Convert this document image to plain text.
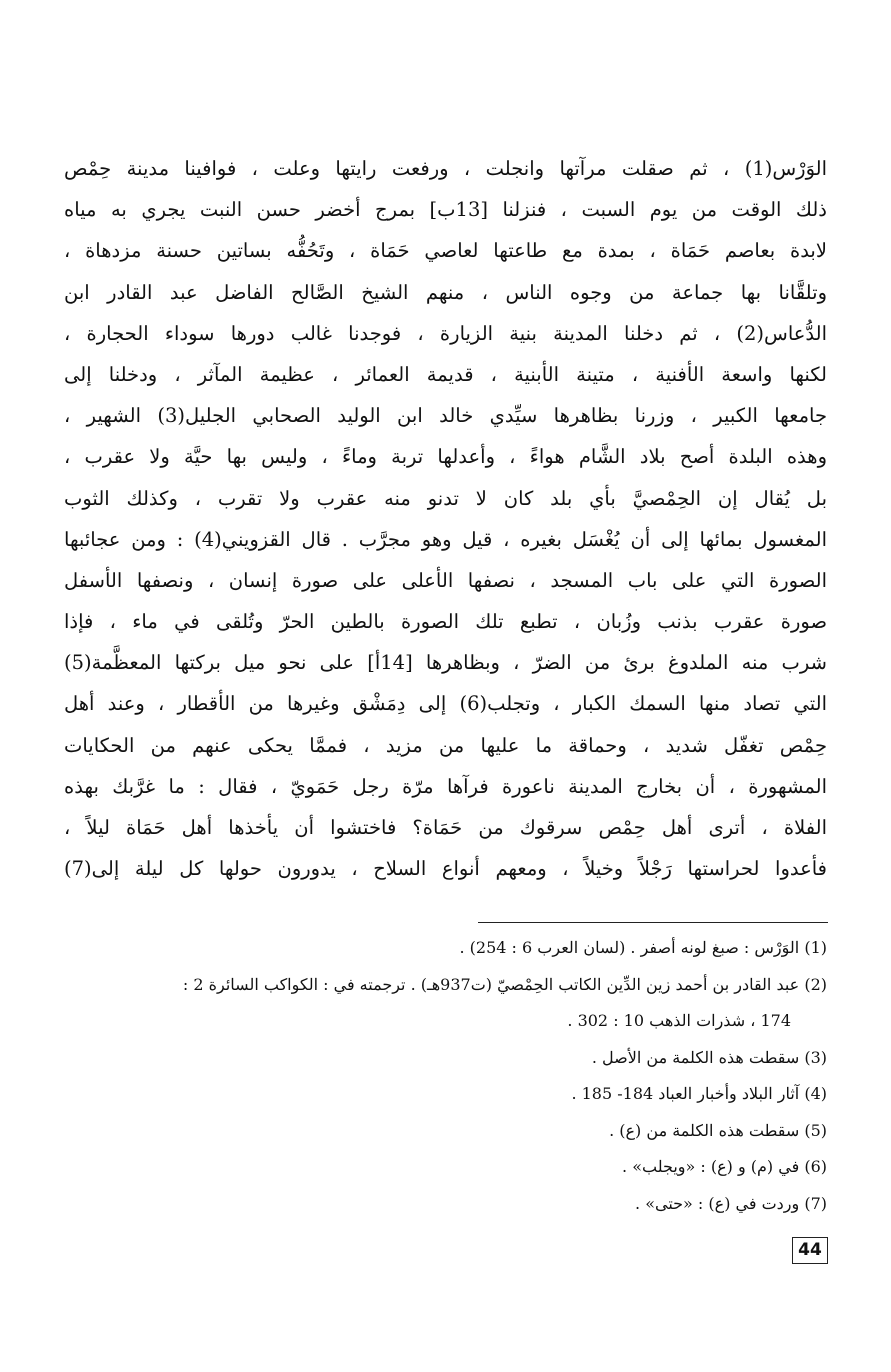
الوَرْس(1) ، ثم صقلت مرآتها وانجلت ، ورفعت رايتها وعلت ، فوافينا مدينة حِمْص
ذلك الوقت من يوم السبت ، فنزلنا [13ب] بمرج أخضر حسن النبت يجري به مياه
لابدة بعاصم حَمَاة ، بمدة مع طاعتها لعاصي حَمَاة ، وتَحُفُّه بساتين حسنة مزدهاة ،
وتلقَّانا بها جماعة من وجوه الناس ، منهم الشيخ الصَّالح الفاضل عبد القادر ابن
الدُّعاس(2) ، ثم دخلنا المدينة بنية الزيارة ، فوجدنا غالب دورها سوداء الحجارة ،
لكنها واسعة الأفنية ، متينة الأبنية ، قديمة العمائر ، عظيمة المآثر ، ودخلنا إلى
جامعها الكبير ، وزرنا بظاهرها سيِّدي خالد ابن الوليد الصحابي الجليل(3) الشهير ،
وهذه البلدة أصح بلاد الشَّام هواءً ، وأعدلها تربة وماءً ، وليس بها حيَّة ولا عقرب ،
بل يُقال إن الحِمْصيَّ بأي بلد كان لا تدنو منه عقرب ولا تقرب ، وكذلك الثوب
المغسول بمائها إلى أن يُغْسَل بغيره ، قيل وهو مجرَّب . قال القزويني(4) : ومن عجائبها
الصورة التي على باب المسجد ، نصفها الأعلى على صورة إنسان ، ونصفها الأسفل
صورة عقرب بذنب وزُبان ، تطبع تلك الصورة بالطين الحرّ وتُلقى في ماء ، فإذا
شرب منه الملدوغ برئ من الضرّ ، وبظاهرها [14أ] على نحو ميل بركتها المعظَّمة(5)
التي تصاد منها السمك الكبار ، وتجلب(6) إلى دِمَشْق وغيرها من الأقطار ، وعند أهل
حِمْص تغفّل شديد ، وحماقة ما عليها من مزيد ، فممَّا يحكى عنهم من الحكايات
المشهورة ، أن بخارج المدينة ناعورة فرآها مرّة رجل حَمَويّ ، فقال : ما غرَّبك بهذه
الفلاة ، أترى أهل حِمْص سرقوك من حَمَاة؟ فاختشوا أن يأخذها أهل حَمَاة ليلاً ،
فأعدوا لحراستها رَجْلاً وخيلاً ، ومعهم أنواع السلاح ، يدورون حولها كل ليلة إلى(7)
(1) الوَرْس : صبغ لونه أصفر . (لسان العرب 6 : 254) .
(2) عبد القادر بن أحمد زين الدِّين الكاتب الحِمْصيّ (ت937هـ) . ترجمته في : الكواكب السائرة 2 :
174 ، شذرات الذهب 10 : 302 .
(3) سقطت هذه الكلمة من الأصل .
(4) آثار البلاد وأخبار العباد 184- 185 .
(5) سقطت هذه الكلمة من (ع) .
(6) في (م) و (ع) : «ويجلب» .
(7) وردت في (ع) : «حتى» .
44
